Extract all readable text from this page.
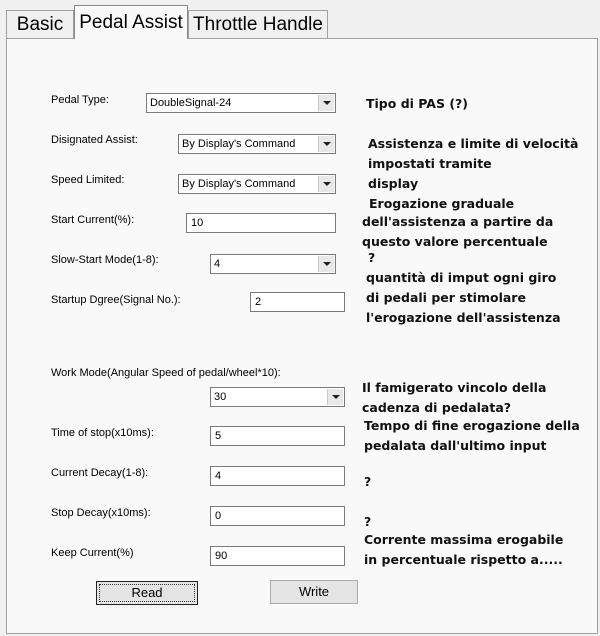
Basic Pedal Assist Throttle Handle
Pedal Type:	DoubleSignal-24
Disignated Assist:	By Display's Command
Speed Limited:	By Display's Command
Start Current(%):	10
Slow-Start Mode(1-8):	4
Startup Dgree(Signal No.):	2
Work Mode(Angular Speed of pedal/wheel*10):
30
Time of stop(x10ms):	5
Current Decay(1-8):	4
Stop Decay(x10ms):	0
Keep Current(%)	90
Tipo di PAS (?)
Assistenza e limite di velocità
impostati tramite
display
Erogazione graduale
dell'assistenza a partire da
questo valore percentuale
?
quantità di imput ogni giro
di pedali per stimolare
l'erogazione dell'assistenza
Il famigerato vincolo della
cadenza di pedalata?
Tempo di fine erogazione della
pedalata dall'ultimo input
?
?
Corrente massima erogabile
in percentuale rispetto a.....
Read	Write
